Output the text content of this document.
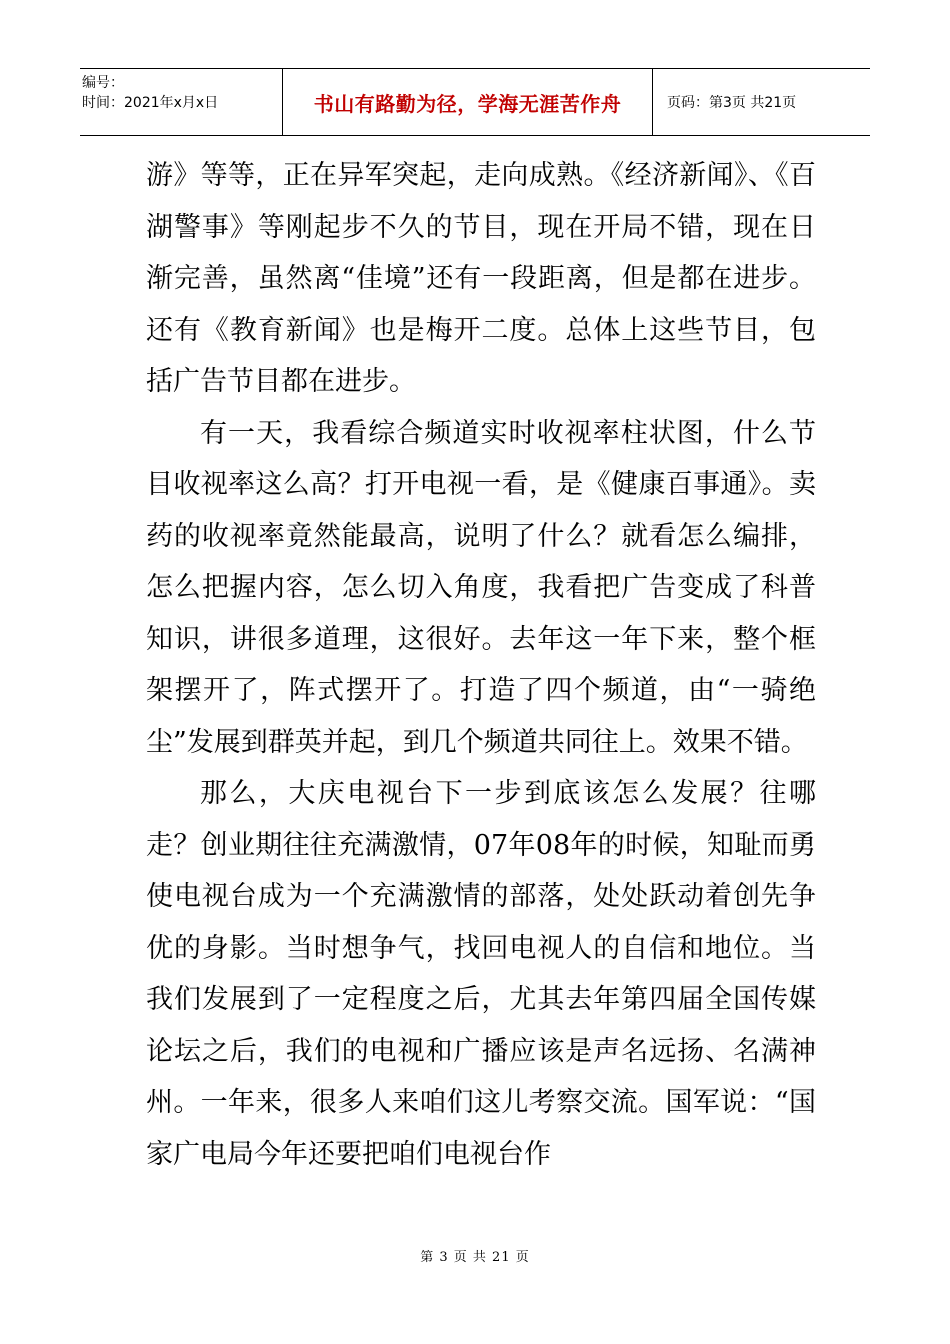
编号：
时间：2021年x月x日	书山有路勤为径，学海无涯苦作舟	页码：第3页 共21页

游》等等，正在异军突起，走向成熟。《经济新闻》、《百湖警事》等刚起步不久的节目，现在开局不错，现在日渐完善，虽然离“佳境”还有一段距离，但是都在进步。还有《教育新闻》也是梅开二度。总体上这些节目，包括广告节目都在进步。

有一天，我看综合频道实时收视率柱状图，什么节目收视率这么高？打开电视一看，是《健康百事通》。卖药的收视率竟然能最高，说明了什么？就看怎么编排，怎么把握内容，怎么切入角度，我看把广告变成了科普知识，讲很多道理，这很好。去年这一年下来，整个框架摆开了，阵式摆开了。打造了四个频道，由“一骑绝尘”发展到群英并起，到几个频道共同往上。效果不错。

那么，大庆电视台下一步到底该怎么发展？往哪走？创业期往往充满激情，07年08年的时候，知耻而勇使电视台成为一个充满激情的部落，处处跃动着创先争优的身影。当时想争气，找回电视人的自信和地位。当我们发展到了一定程度之后，尤其去年第四届全国传媒论坛之后，我们的电视和广播应该是声名远扬、名满神州。一年来，很多人来咱们这儿考察交流。国军说：“国家广电局今年还要把咱们电视台作

第 3 页 共 21 页
